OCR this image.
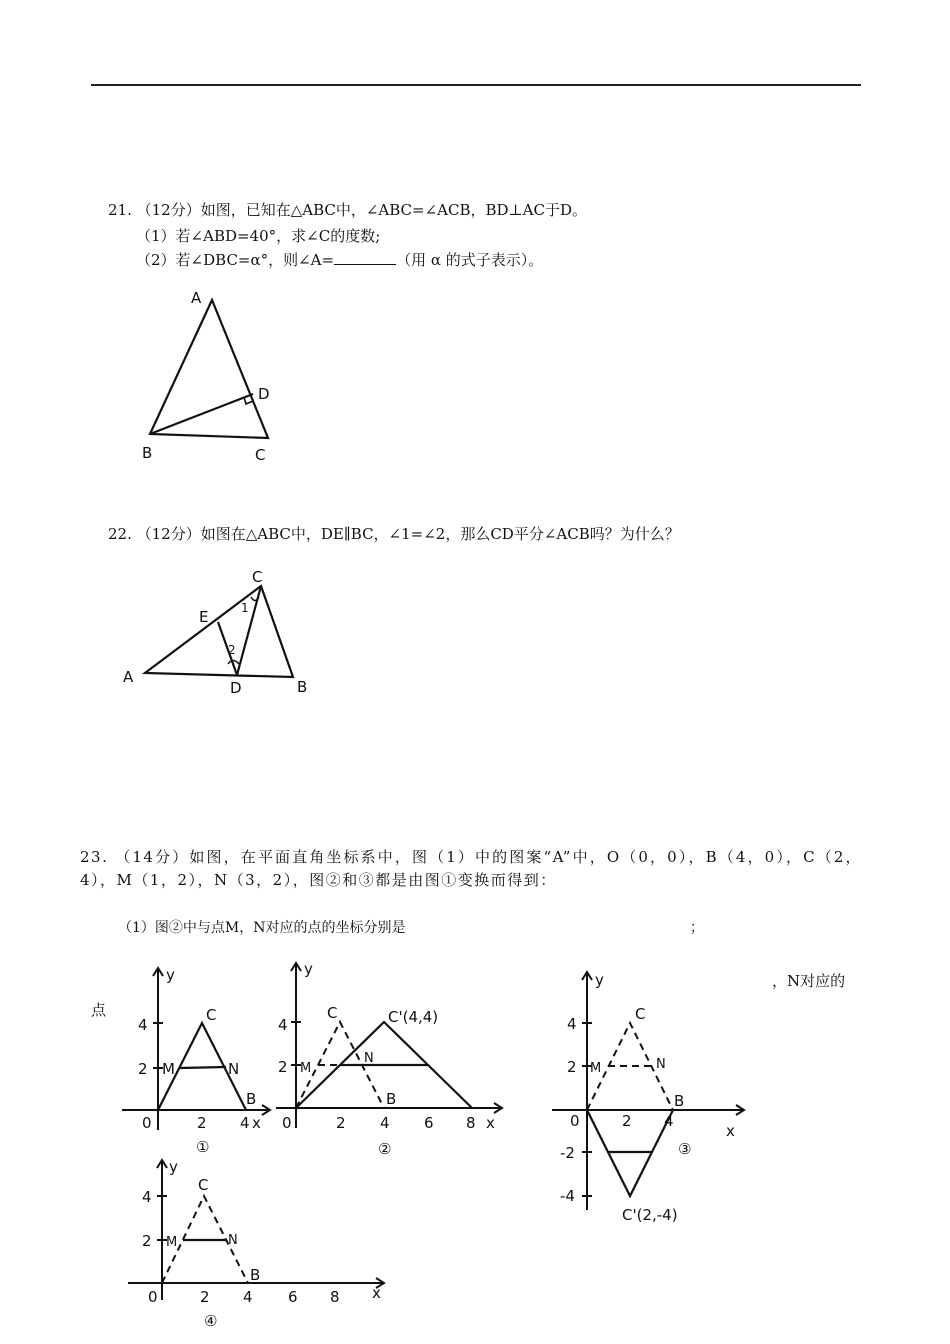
21. （12分）如图，已知在△ABC中，∠ABC=∠ACB，BD⊥AC于D。
（1）若∠ABD=40°，求∠C的度数;
（2）若∠DBC=α°，则∠A=	（用 α 的式子表示）。
A
B	C
D
22. （12分）如图在△ABC中，DE∥BC，∠1=∠2，那么CD平分∠ACB吗？为什么？
A
B
C
D
E	1
2
23. （14分）如图，在平面直角坐标系中，图（1）中的图案“A”中，O（0，0），B（4，0），C（2，4），M（1，2），N（3，2），图②和③都是由图①变换而得到：
（1）图②中与点M，N对应的点的坐标分别是	；
，N对应的
点
y
4
2 M	N
C
B
0	2 4 x
①
y
4
2 M
N
C	C'(4,4)
B
0	2 4 6 8 x
②
y
4
2 M	N
C
B
0	2 4
x
-2
-4
③
C'(2,-4)
y
4
2 M	N
C
B
0	2 4 6 8 x
④
